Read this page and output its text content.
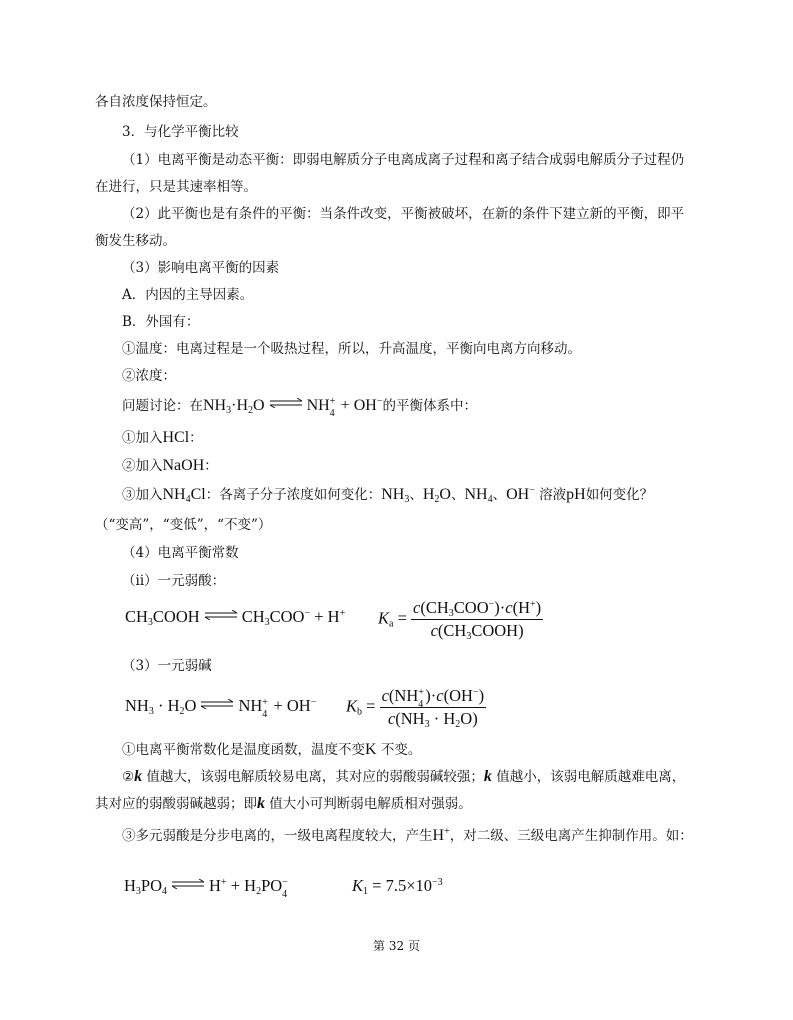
各自浓度保持恒定。
3．与化学平衡比较
（1）电离平衡是动态平衡：即弱电解质分子电离成离子过程和离子结合成弱电解质分子过程仍
在进行，只是其速率相等。
（2）此平衡也是有条件的平衡：当条件改变，平衡被破坏，在新的条件下建立新的平衡，即平
衡发生移动。
（3）影响电离平衡的因素
A．内因的主导因素。
B．外国有：
①温度：电离过程是一个吸热过程，所以，升高温度，平衡向电离方向移动。
②浓度：
问题讨论：在$NH_3\cdot H_2O$ ⇌ NH +
4 + OH−的平衡体系中：
①加入HCl：
②加入NaOH：
③加入$NH_4Cl$：各离子分子浓度如何变化：$NH_3$、$H_2O$、$NH_4$、OH− 溶液pH如何变化？
（“变高”，“变低”，“不变”）
（4）电离平衡常数
（ⅱ）一元弱酸：
$CH_3COOH$ ⇌ $CH_3COO^- + H^+$ $K_a = \frac{c(CH_3COO^-)\cdot c(H^+)}{c(CH_3COOH)}$
（3）一元弱碱
$NH_3 \cdot H_2O$ ⇌ NH +
4 + OH− $K_b = c(NH$ +
4 )·c(OH−)
$c(NH_3 \cdot H_2O)$
①电离平衡常数化是温度函数，温度不变K 不变。
②k 值越大，该弱电解质较易电离，其对应的弱酸弱碱较强；k 值越小，该弱电解质越难电离，
其对应的弱酸弱碱越弱；即k 值大小可判断弱电解质相对强弱。
③多元弱酸是分步电离的，一级电离程度较大，产生H+，对二级、三级电离产生抑制作用。如：
$H_3PO_4$ ⇌ $H^+ + H_2PO$ −
4	$K_1 = 7.5\times 10^{-3}$
第 32 页
